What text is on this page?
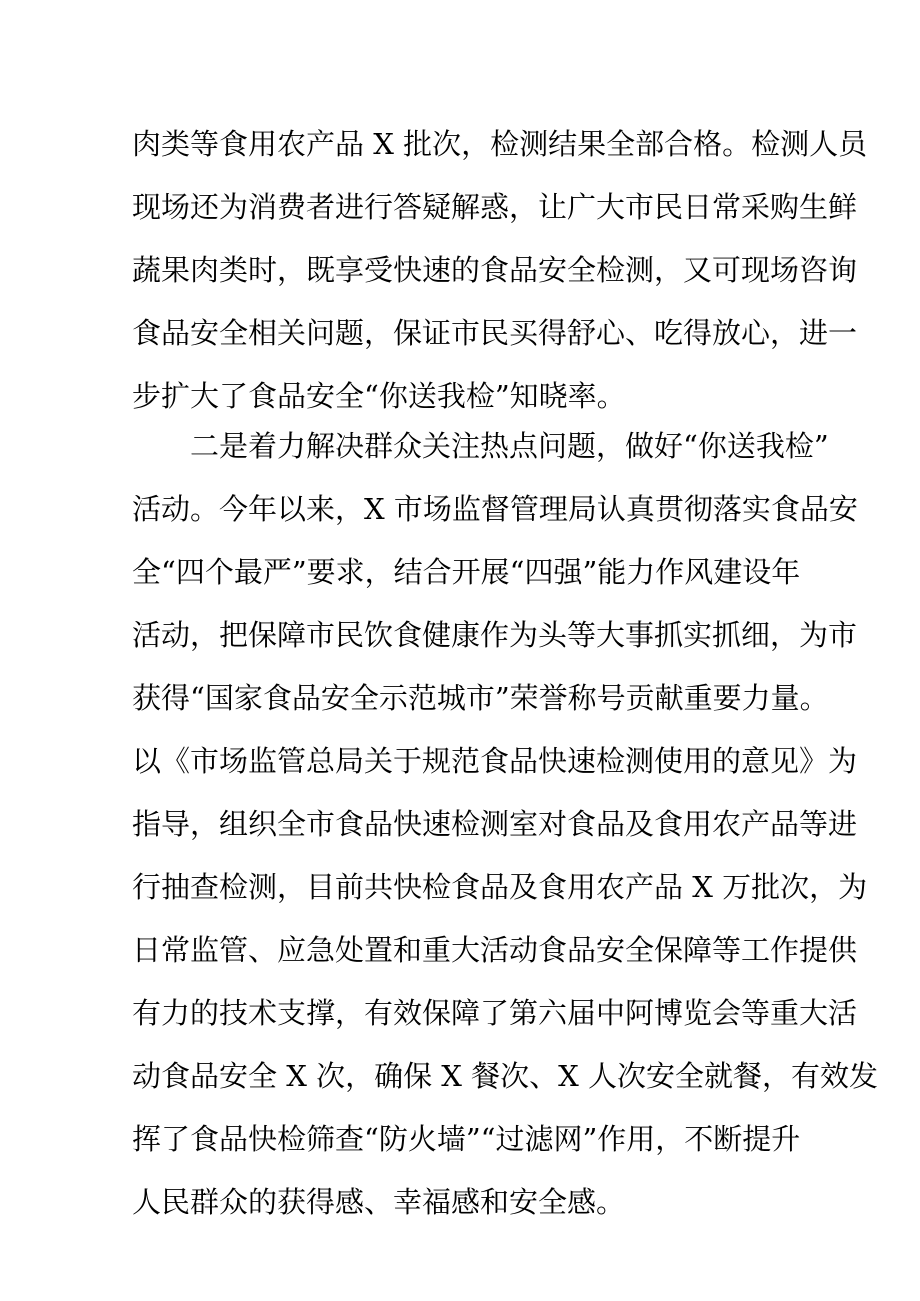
肉类等食用农产品 X 批次，检测结果全部合格。检测人员
现场还为消费者进行答疑解惑，让广大市民日常采购生鲜
蔬果肉类时，既享受快速的食品安全检测，又可现场咨询
食品安全相关问题，保证市民买得舒心、吃得放心，进一
步扩大了食品安全“你送我检”知晓率。
二是着力解决群众关注热点问题，做好“你送我检”
活动。今年以来，X 市场监督管理局认真贯彻落实食品安
全“四个最严”要求，结合开展“四强”能力作风建设年
活动，把保障市民饮食健康作为头等大事抓实抓细，为市
获得“国家食品安全示范城市”荣誉称号贡献重要力量。
以《市场监管总局关于规范食品快速检测使用的意见》为
指导，组织全市食品快速检测室对食品及食用农产品等进
行抽查检测，目前共快检食品及食用农产品 X 万批次，为
日常监管、应急处置和重大活动食品安全保障等工作提供
有力的技术支撑，有效保障了第六届中阿博览会等重大活
动食品安全 X 次，确保 X 餐次、X 人次安全就餐，有效发
挥了食品快检筛查“防火墙”“过滤网”作用，不断提升
人民群众的获得感、幸福感和安全感。
